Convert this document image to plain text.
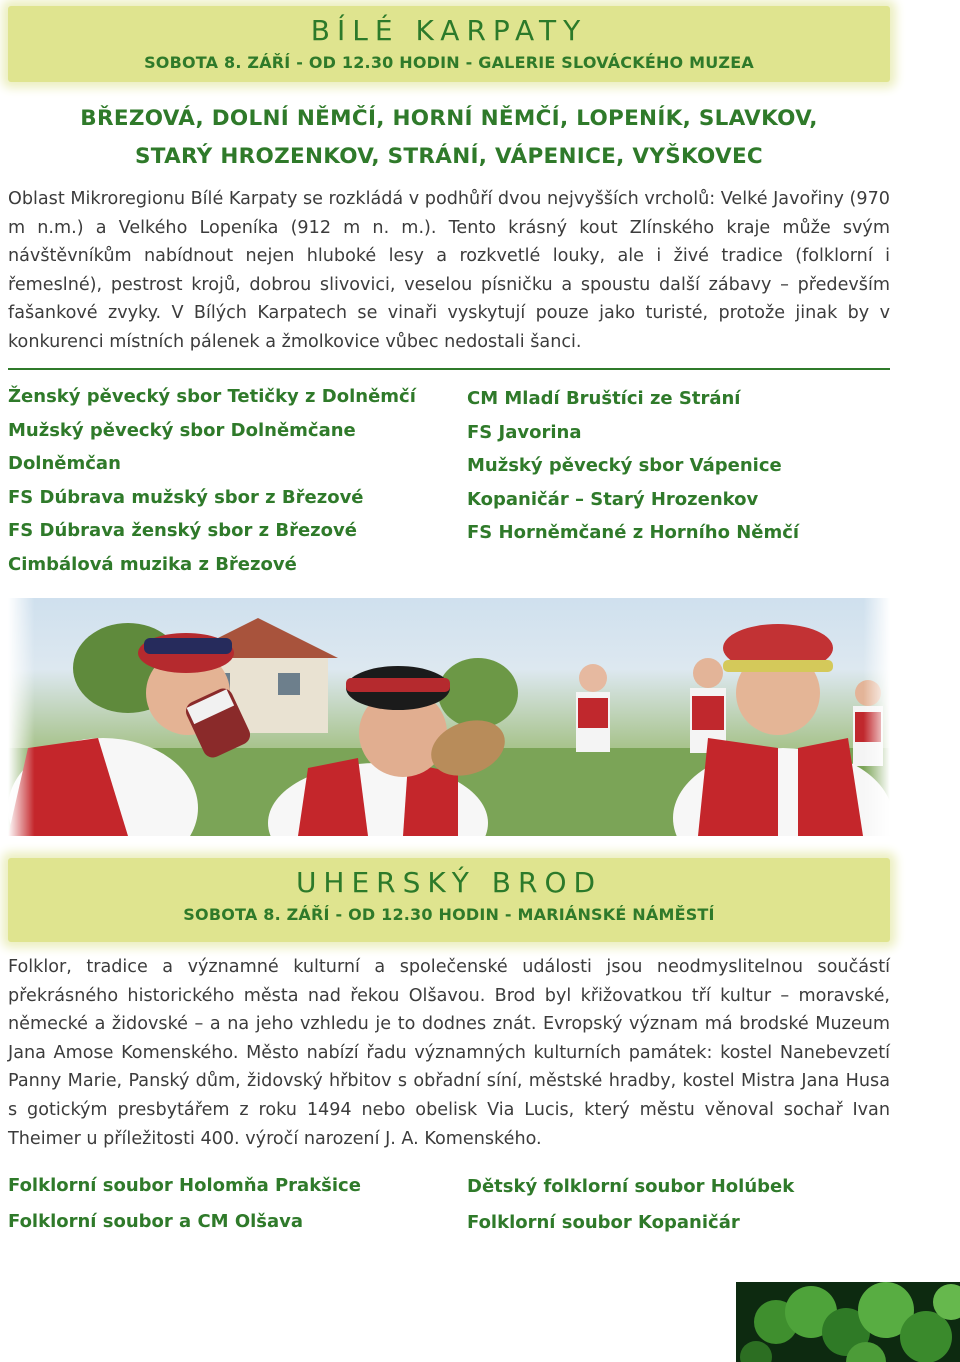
BÍLÉ KARPATY
SOBOTA 8. ZÁŘÍ - OD 12.30 HODIN - GALERIE SLOVÁCKÉHO MUZEA
BŘEZOVÁ, DOLNÍ NĚMČÍ, HORNÍ NĚMČÍ, LOPENÍK, SLAVKOV,
STARÝ HROZENKOV, STRÁNÍ, VÁPENICE, VYŠKOVEC

Oblast Mikroregionu Bílé Karpaty se rozkládá v podhůří dvou nejvyšších vrcholů: Velké Javořiny (970 m n.m.) a Velkého Lopeníka (912 m n. m.). Tento krásný kout Zlínského kraje může svým návštěvníkům nabídnout nejen hluboké lesy a rozkvetlé louky, ale i živé tradice (folklorní i řemeslné), pestrost krojů, dobrou slivovici, veselou písničku a spoustu další zábavy – především fašankové zvyky. V Bílých Karpatech se vinaři vyskytují pouze jako turisté, protože jinak by v konkurenci místních pálenek a žmolkovice vůbec nedostali šanci.

Ženský pěvecký sbor Tetičky z Dolněmčí
Mužský pěvecký sbor Dolněmčane
Dolněmčan
FS Dúbrava mužský sbor z Březové
FS Dúbrava ženský sbor z Březové
Cimbálová muzika z Březové
CM Mladí Bruštíci ze Strání
FS Javorina
Mužský pěvecký sbor Vápenice
Kopaničár – Starý Hrozenkov
FS Horněmčané z Horního Němčí
UHERSKÝ BROD
SOBOTA 8. ZÁŘÍ - OD 12.30 HODIN - MARIÁNSKÉ NÁMĚSTÍ

Folklor, tradice a významné kulturní a společenské události jsou neodmyslitelnou součástí překrásného historického města nad řekou Olšavou. Brod byl křižovatkou tří kultur – moravské, německé a židovské – a na jeho vzhledu je to dodnes znát. Evropský význam má brodské Muzeum Jana Amose Komenského. Město nabízí řadu významných kulturních památek: kostel Nanebevzetí Panny Marie, Panský dům, židovský hřbitov s obřadní síní, městské hradby, kostel Mistra Jana Husa s gotickým presbytářem z roku 1494 nebo obelisk Via Lucis, který městu věnoval sochař Ivan Theimer u příležitosti 400. výročí narození J. A. Komenského.

Folklorní soubor Holomňa Prakšice
Folklorní soubor a CM Olšava
Dětský folklorní soubor Holúbek
Folklorní soubor Kopaničár
